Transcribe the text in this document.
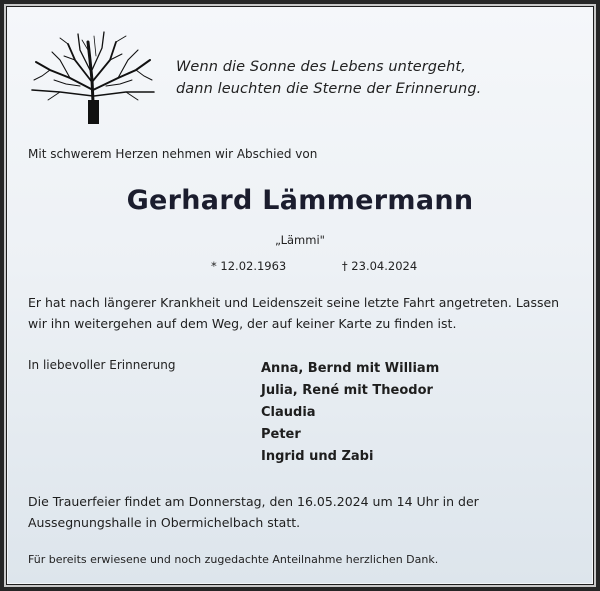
Wenn die Sonne des Lebens untergeht,
dann leuchten die Sterne der Erinnerung.
Mit schwerem Herzen nehmen wir Abschied von
Gerhard Lämmermann
„Lämmi"
* 12.02.1963	† 23.04.2024
Er hat nach längerer Krankheit und Leidenszeit seine letzte Fahrt angetreten. Lassen wir ihn weitergehen auf dem Weg, der auf keiner Karte zu finden ist.
In liebevoller Erinnerung	Anna, Bernd mit William
Julia, René mit Theodor
Claudia
Peter
Ingrid und Zabi
Die Trauerfeier findet am Donnerstag, den 16.05.2024 um 14 Uhr in der Aussegnungshalle in Obermichelbach statt.
Für bereits erwiesene und noch zugedachte Anteilnahme herzlichen Dank.
